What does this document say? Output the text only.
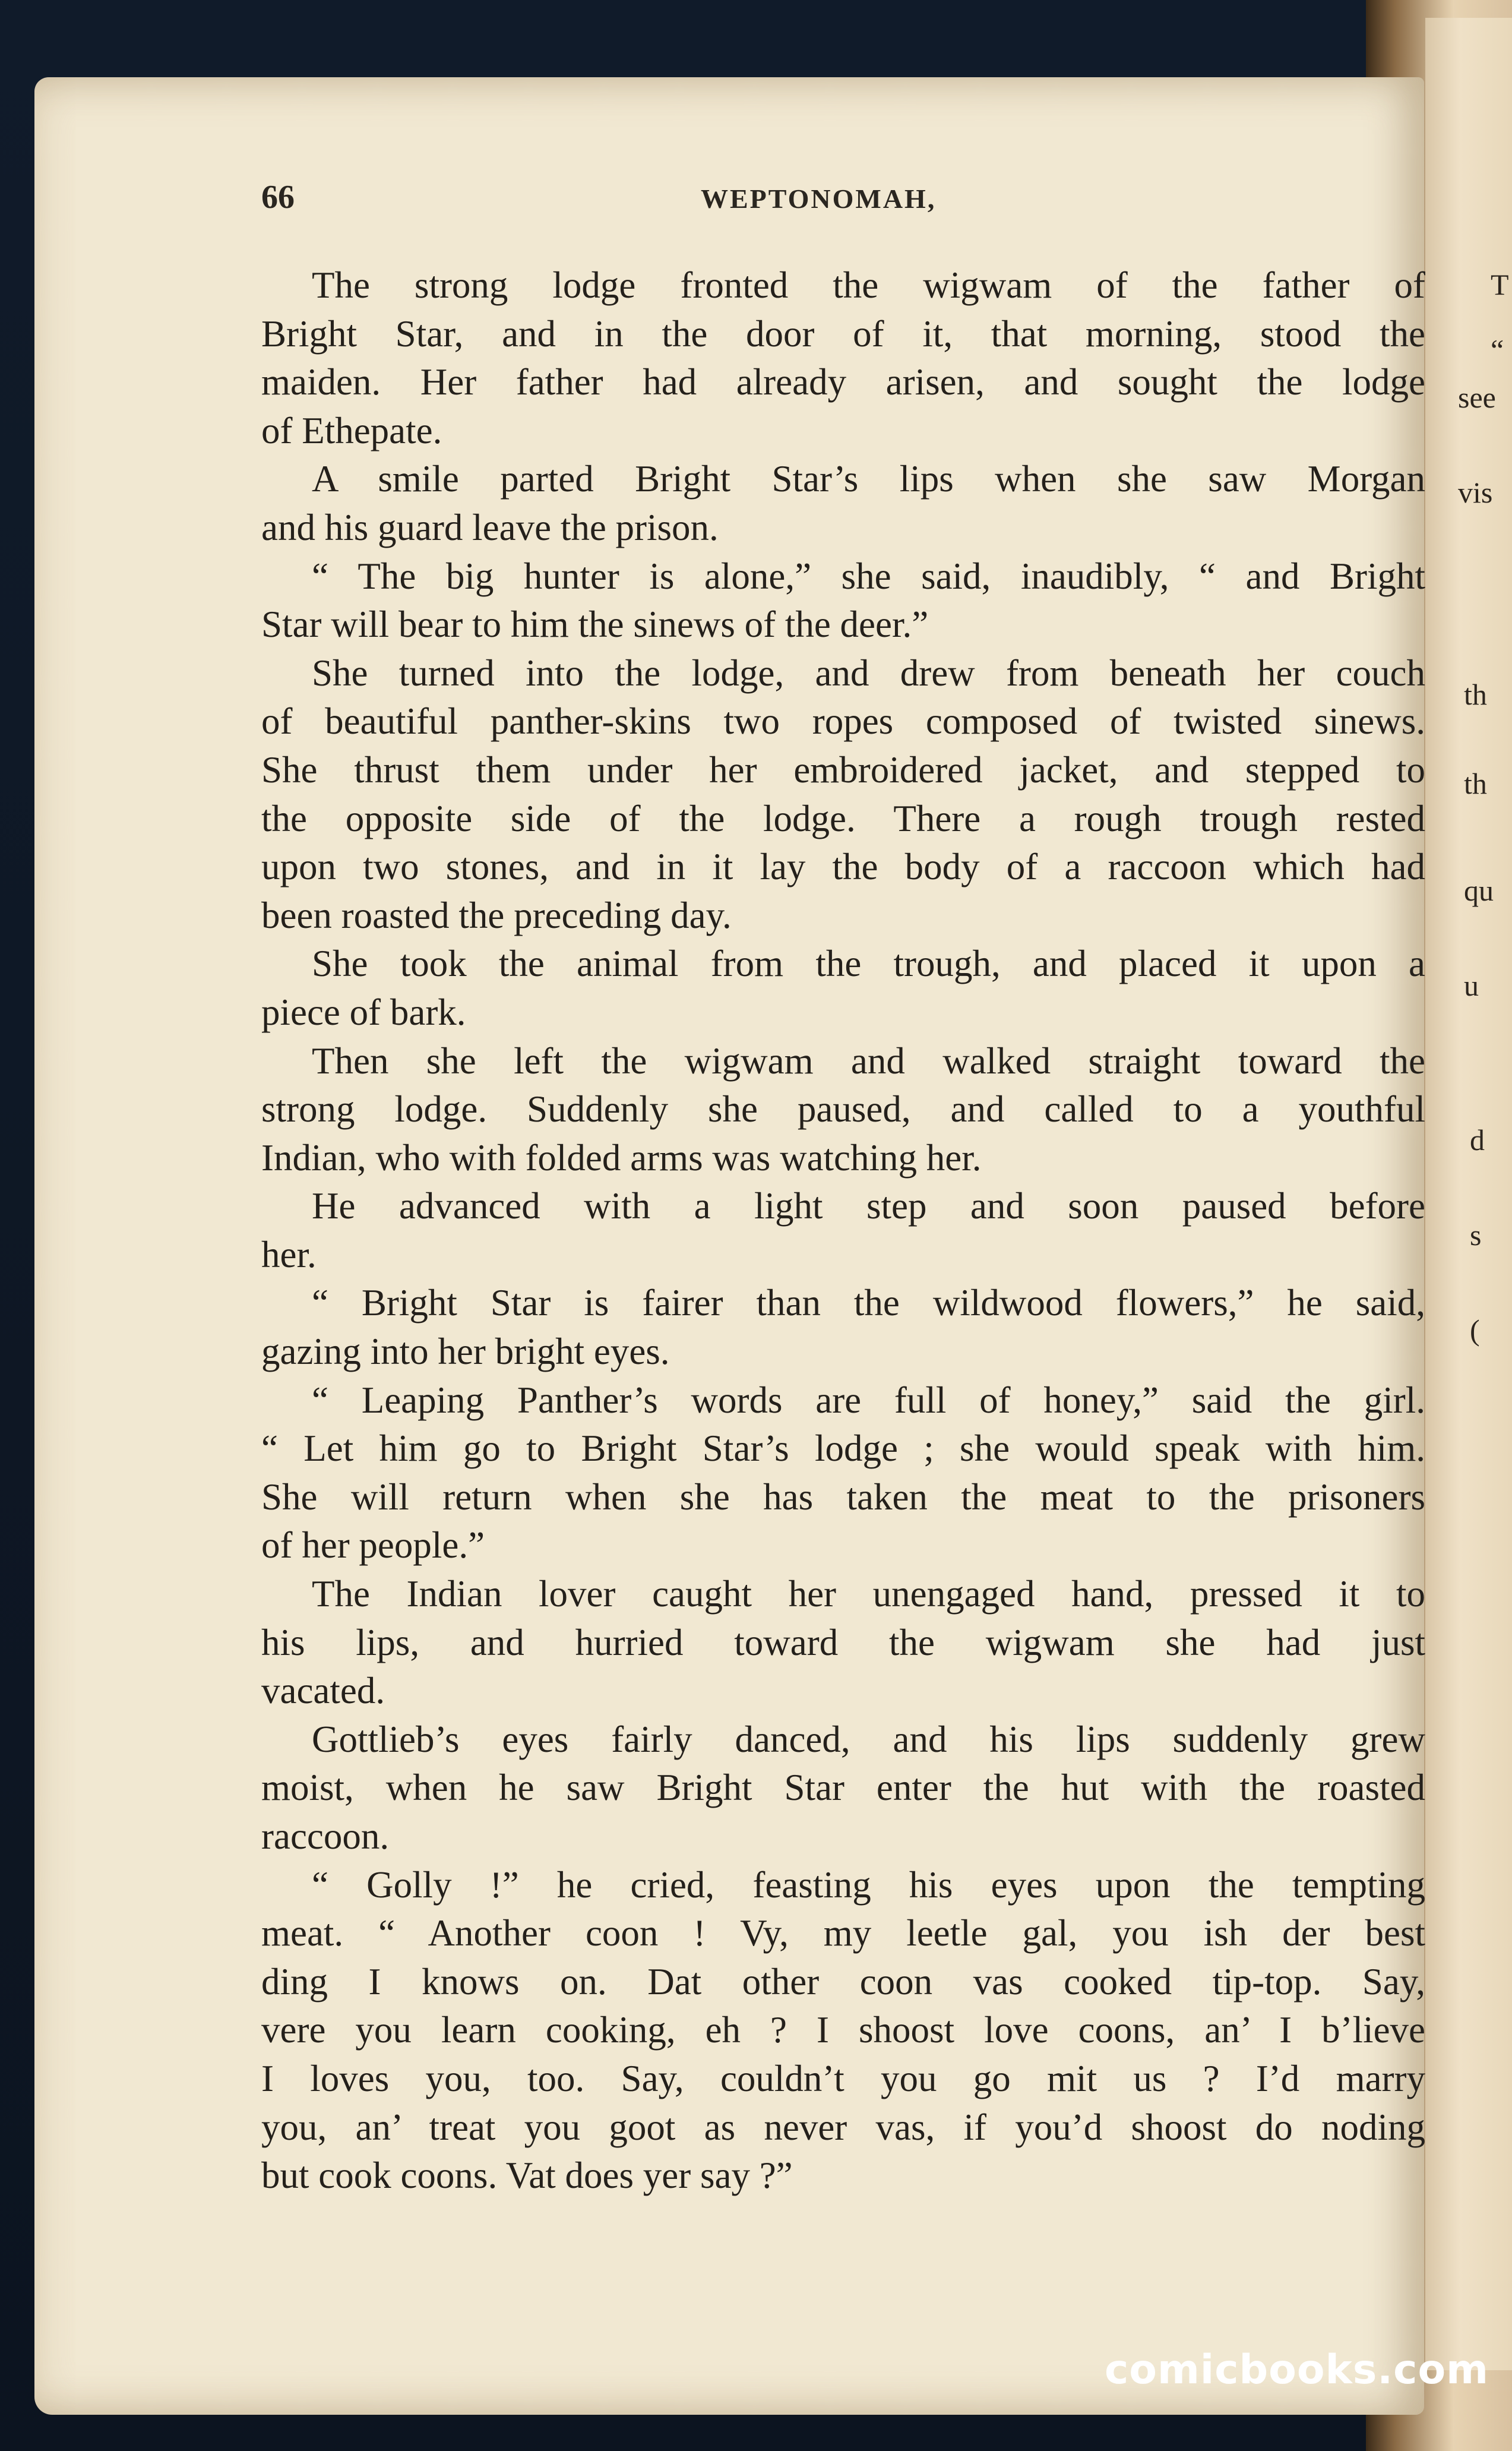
T
“
see
vis
th
th
qu
u
d
s
(
66	WEPTONOMAH,
The strong lodge fronted the wigwam of the father of
Bright Star, and in the door of it, that morning, stood the
maiden. Her father had already arisen, and sought the lodge
of Ethepate.
A smile parted Bright Star’s lips when she saw Morgan
and his guard leave the prison.
“ The big hunter is alone,” she said, inaudibly, “ and Bright
Star will bear to him the sinews of the deer.”
She turned into the lodge, and drew from beneath her couch
of beautiful panther-skins two ropes composed of twisted sinews.
She thrust them under her embroidered jacket, and stepped to
the opposite side of the lodge. There a rough trough rested
upon two stones, and in it lay the body of a raccoon which had
been roasted the preceding day.
She took the animal from the trough, and placed it upon a
piece of bark.
Then she left the wigwam and walked straight toward the
strong lodge. Suddenly she paused, and called to a youthful
Indian, who with folded arms was watching her.
He advanced with a light step and soon paused before
her.
“ Bright Star is fairer than the wildwood flowers,” he said,
gazing into her bright eyes.
“ Leaping Panther’s words are full of honey,” said the girl.
“ Let him go to Bright Star’s lodge ; she would speak with him.
She will return when she has taken the meat to the prisoners
of her people.”
The Indian lover caught her unengaged hand, pressed it to
his lips, and hurried toward the wigwam she had just
vacated.
Gottlieb’s eyes fairly danced, and his lips suddenly grew
moist, when he saw Bright Star enter the hut with the roasted
raccoon.
“ Golly !” he cried, feasting his eyes upon the tempting
meat. “ Another coon ! Vy, my leetle gal, you ish der best
ding I knows on. Dat other coon vas cooked tip-top. Say,
vere you learn cooking, eh ? I shoost love coons, an’ I b’lieve
I loves you, too. Say, couldn’t you go mit us ? I’d marry
you, an’ treat you goot as never vas, if you’d shoost do noding
but cook coons. Vat does yer say ?”
comicbooks.com
